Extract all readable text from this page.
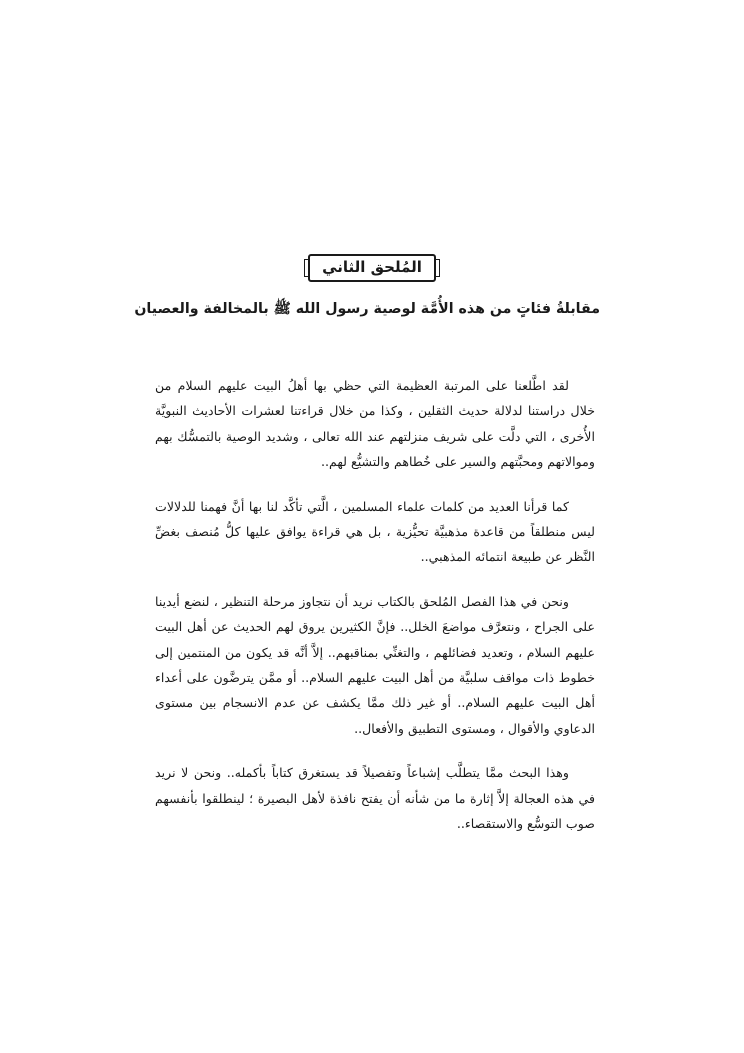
المُلحق الثاني
مقابلةُ فئاتٍ من هذه الأُمَّة لوصية رسول الله ﷺ بالمخالفة والعصيان

لقد اطَّلعنا على المرتبة العظيمة التي حظي بها أهلُ البيت عليهم السلام من خلال دراستنا لدلالة حديث الثقلين ، وكذا من خلال قراءتنا لعشرات الأحاديث النبويَّة الأُخرى ، التي دلَّت على شريف منزلتهم عند الله تعالى ، وشديد الوصية بالتمسُّك بهم وموالاتهم ومحبَّتهم والسير على خُطاهم والتشيُّع لهم..

كما قرأنا العديد من كلمات علماء المسلمين ، الَّتي تأكَّد لنا بها أنَّ فهمنا للدلالات ليس منطلقاً من قاعدة مذهبيَّة تحيُّزية ، بل هي قراءة يوافق عليها كلُّ مُنصف بغضِّ النَّظر عن طبيعة انتمائه المذهبي..

ونحن في هذا الفصل المُلحق بالكتاب نريد أن نتجاوز مرحلة التنظير ، لنضع أيدينا على الجراح ، ونتعرَّف مواضعَ الخلل.. فإنَّ الكثيرين يروق لهم الحديث عن أهل البيت عليهم السلام ، وتعديد فضائلهم ، والتغنِّي بمناقبهم.. إلاَّ أنَّه قد يكون من المنتمين إلى خطوط ذات مواقف سلبيَّة من أهل البيت عليهم السلام.. أو ممَّن يترضَّون على أعداء أهل البيت عليهم السلام.. أو غير ذلك ممَّا يكشف عن عدم الانسجام بين مستوى الدعاوي والأقوال ، ومستوى التطبيق والأفعال..

وهذا البحث ممَّا يتطلَّب إشباعاً وتفصيلاً قد يستغرق كتاباً بأكمله.. ونحن لا نريد في هذه العجالة إلاَّ إثارة ما من شأنه أن يفتح نافذة لأهل البصيرة ؛ لينطلقوا بأنفسهم صوب التوسُّع والاستقصاء..
